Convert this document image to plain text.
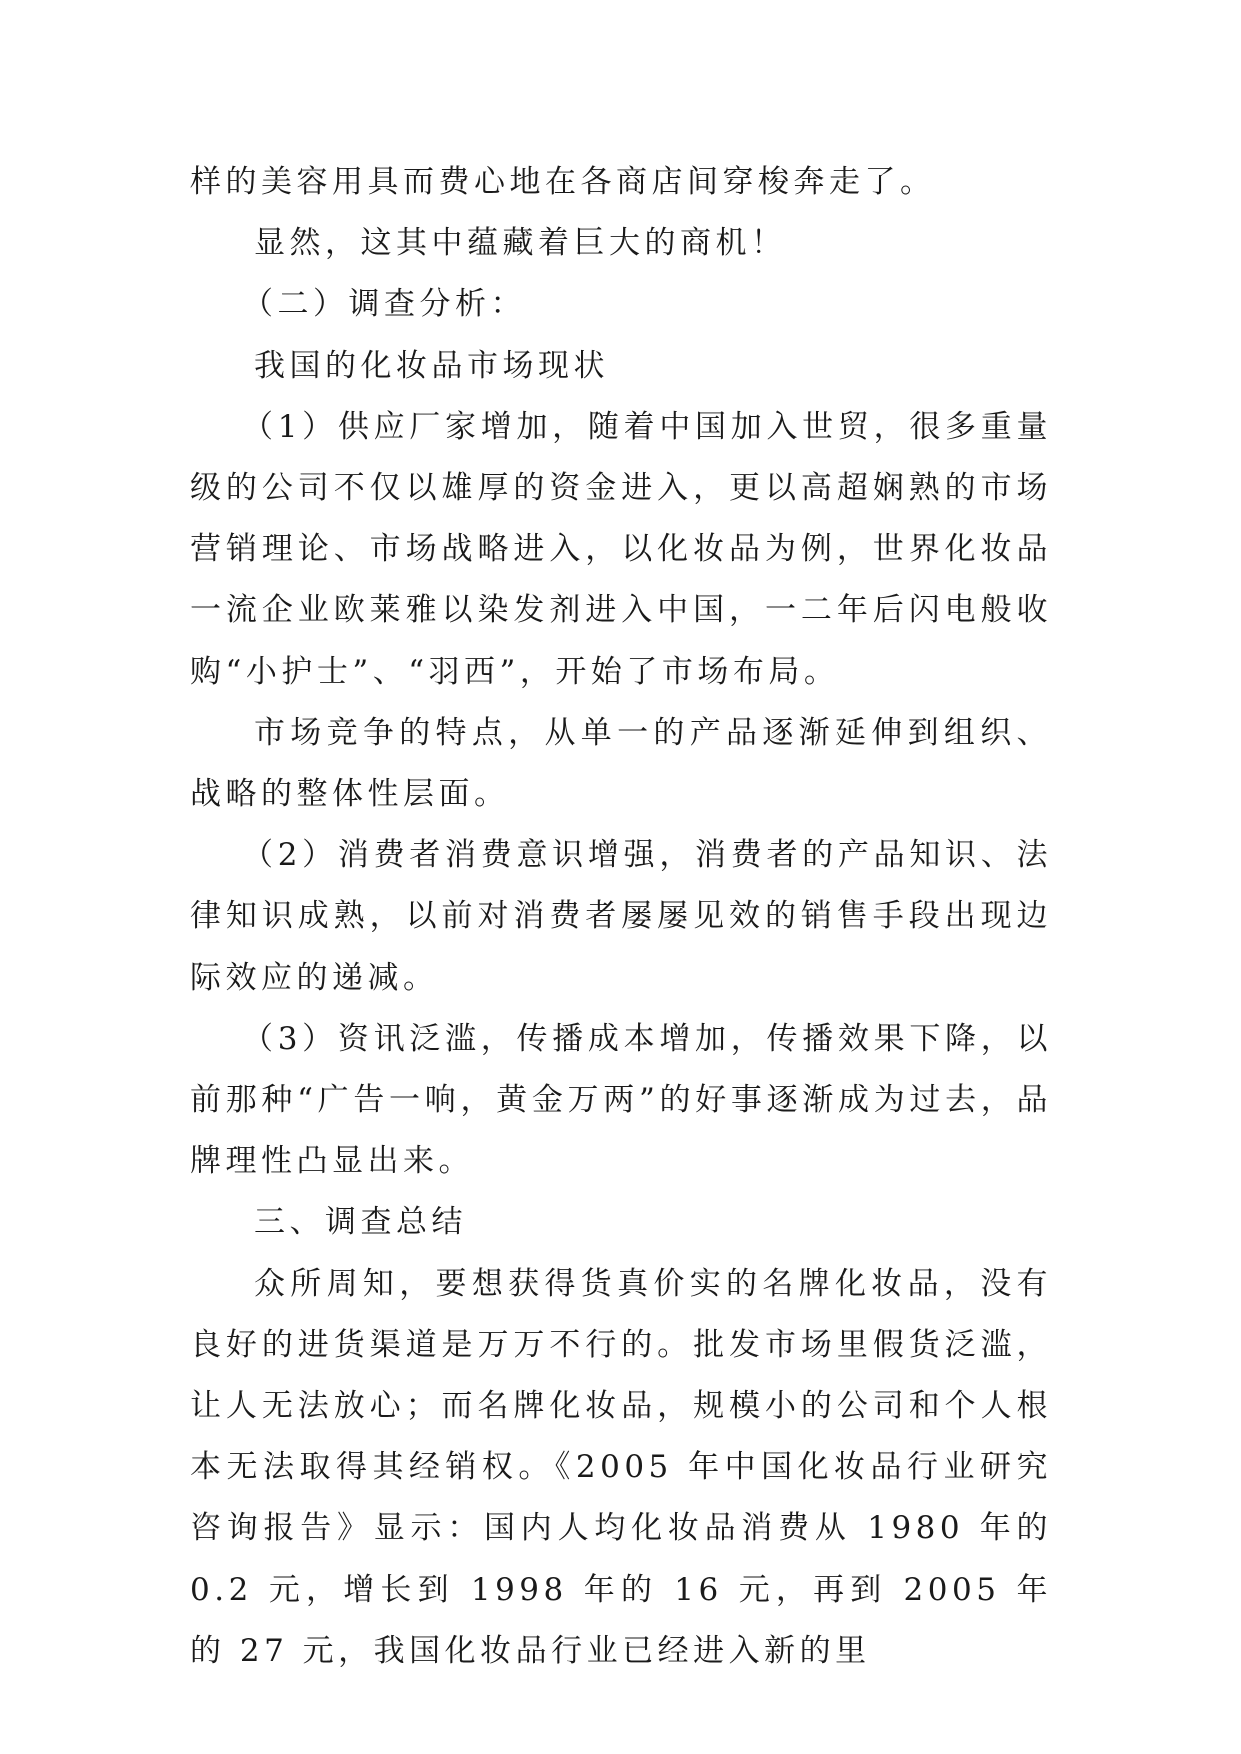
样的美容用具而费心地在各商店间穿梭奔走了。

显然，这其中蕴藏着巨大的商机！

（二）调查分析：

我国的化妆品市场现状

（1）供应厂家增加，随着中国加入世贸，很多重量级的公司不仅以雄厚的资金进入，更以高超娴熟的市场营销理论、市场战略进入，以化妆品为例，世界化妆品一流企业欧莱雅以染发剂进入中国，一二年后闪电般收购“小护士”、“羽西”，开始了市场布局。

市场竞争的特点，从单一的产品逐渐延伸到组织、战略的整体性层面。

（2）消费者消费意识增强，消费者的产品知识、法律知识成熟，以前对消费者屡屡见效的销售手段出现边际效应的递减。

（3）资讯泛滥，传播成本增加，传播效果下降，以前那种“广告一响，黄金万两”的好事逐渐成为过去，品牌理性凸显出来。

三、调查总结

众所周知，要想获得货真价实的名牌化妆品，没有良好的进货渠道是万万不行的。批发市场里假货泛滥，让人无法放心；而名牌化妆品，规模小的公司和个人根本无法取得其经销权。《2005 年中国化妆品行业研究咨询报告》显示：国内人均化妆品消费从 1980 年的 0.2 元，增长到 1998 年的 16 元，再到 2005 年的 27 元，我国化妆品行业已经进入新的里
